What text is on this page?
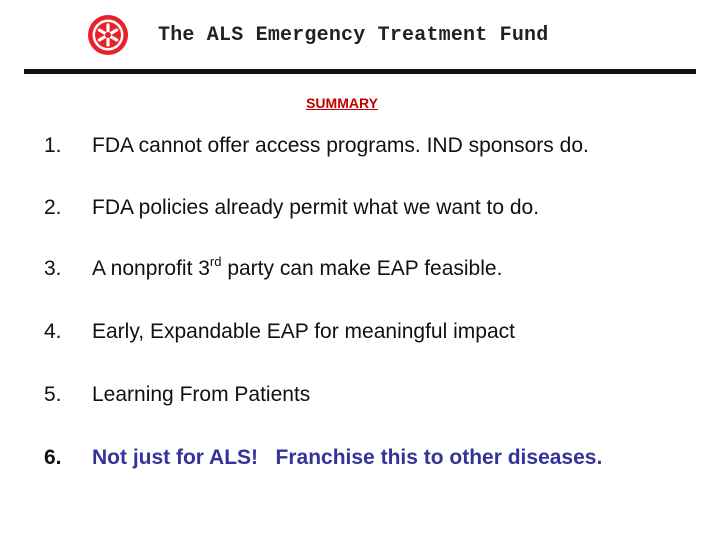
The ALS Emergency Treatment Fund
SUMMARY
1. FDA cannot offer access programs. IND sponsors do.
2. FDA policies already permit what we want to do.
3. A nonprofit 3rd party can make EAP feasible.
4. Early, Expandable EAP for meaningful impact
5. Learning From Patients
6. Not just for ALS!   Franchise this to other diseases.
